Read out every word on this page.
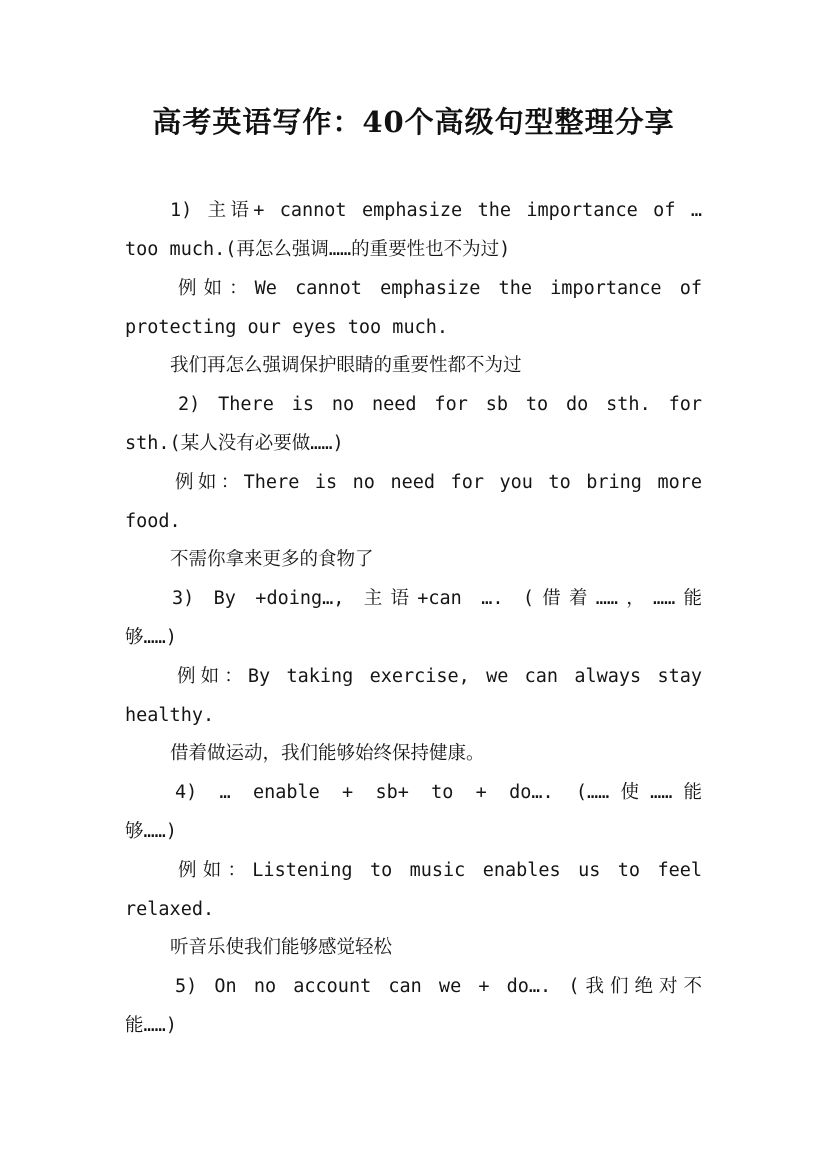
高考英语写作：40个高级句型整理分享
1) 主语+ cannot emphasize the importance of …
too much.(再怎么强调……的重要性也不为过)
例如：We cannot emphasize the importance of
protecting our eyes too much.
我们再怎么强调保护眼睛的重要性都不为过
2) There is no need for sb to do sth. for
sth.(某人没有必要做……)
例如：There is no need for you to bring more
food.
不需你拿来更多的食物了
3) By +doing…, 主语+can …. (借着……，……能
够……)
例如：By taking exercise, we can always stay
healthy.
借着做运动，我们能够始终保持健康。
4) … enable + sb+ to + do…. (……使……能
够……)
例如：Listening to music enables us to feel
relaxed.
听音乐使我们能够感觉轻松
5) On no account can we + do…. (我们绝对不
能……)
